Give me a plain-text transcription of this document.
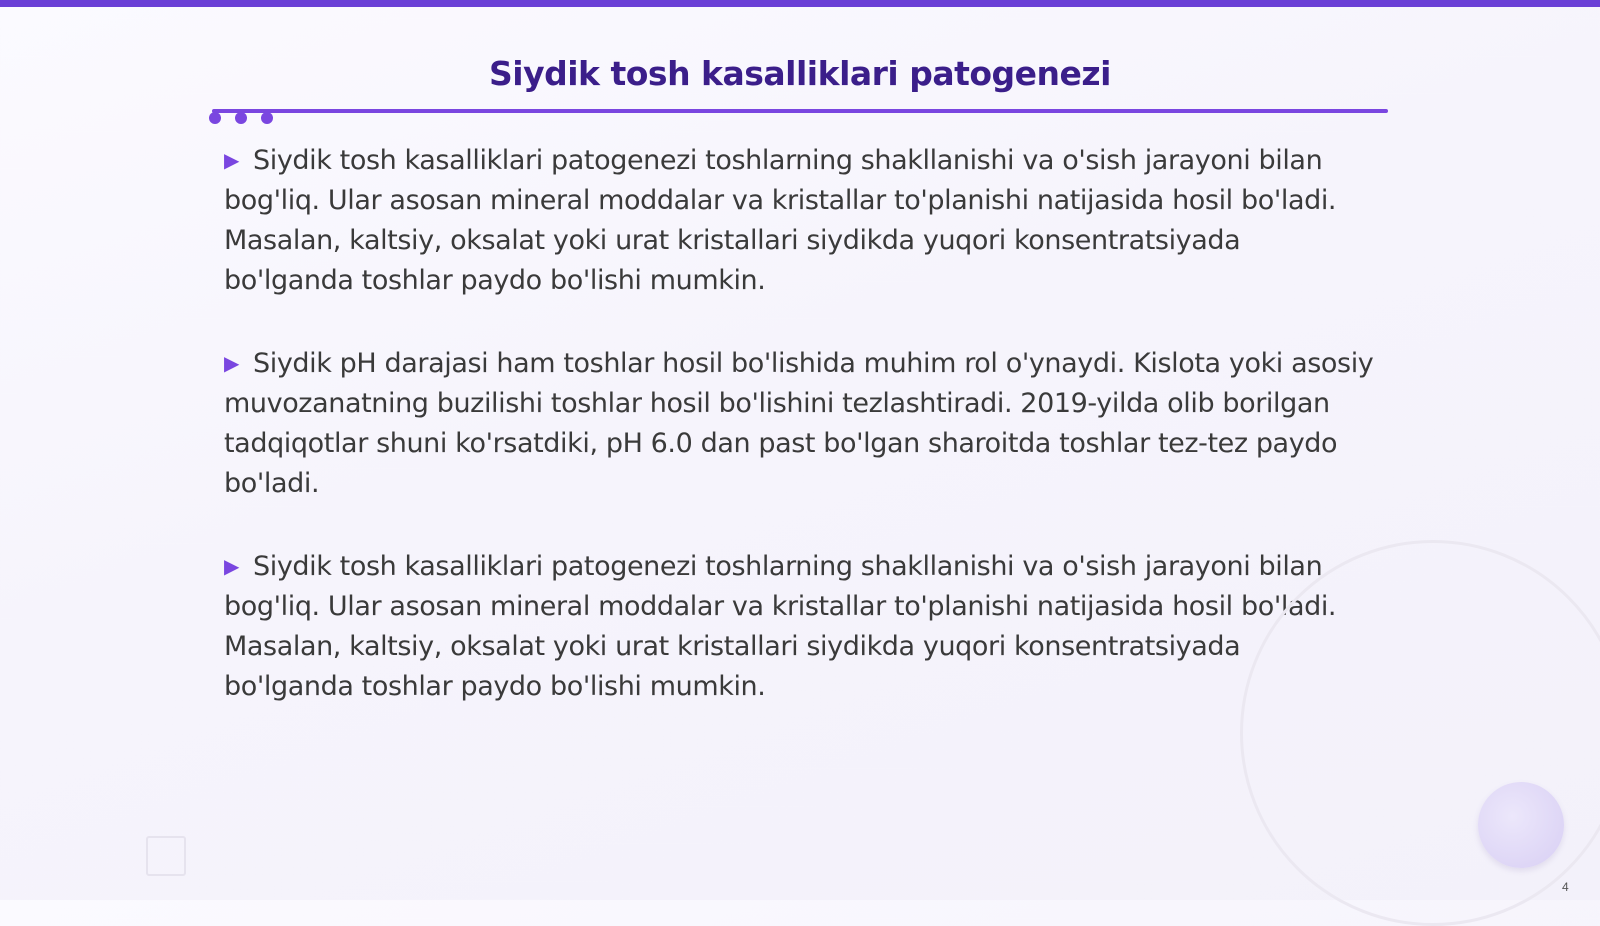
Siydik tosh kasalliklari patogenezi

▶ Siydik tosh kasalliklari patogenezi toshlarning shakllanishi va o'sish jarayoni bilan bog'liq. Ular asosan mineral moddalar va kristallar to'planishi natijasida hosil bo'ladi. Masalan, kaltsiy, oksalat yoki urat kristallari siydikda yuqori konsentratsiyada bo'lganda toshlar paydo bo'lishi mumkin.

▶ Siydik pH darajasi ham toshlar hosil bo'lishida muhim rol o'ynaydi. Kislota yoki asosiy muvozanatning buzilishi toshlar hosil bo'lishini tezlashtiradi. 2019-yilda olib borilgan tadqiqotlar shuni ko'rsatdiki, pH 6.0 dan past bo'lgan sharoitda toshlar tez-tez paydo bo'ladi.

▶ Siydik tosh kasalliklari patogenezi toshlarning shakllanishi va o'sish jarayoni bilan bog'liq. Ular asosan mineral moddalar va kristallar to'planishi natijasida hosil bo'ladi. Masalan, kaltsiy, oksalat yoki urat kristallari siydikda yuqori konsentratsiyada bo'lganda toshlar paydo bo'lishi mumkin.

4
